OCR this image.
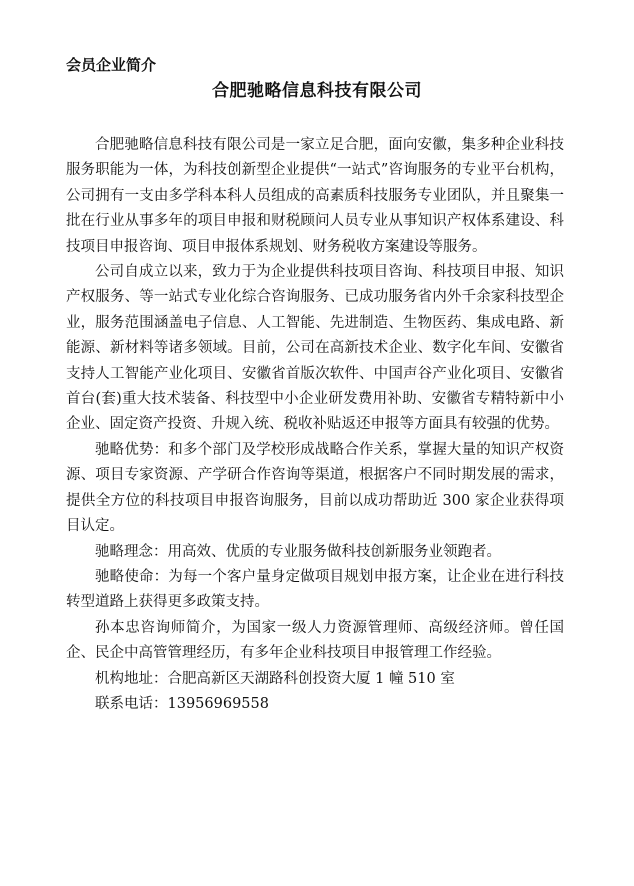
会员企业简介
合肥驰略信息科技有限公司

合肥驰略信息科技有限公司是一家立足合肥，面向安徽，集多种企业科技服务职能为一体，为科技创新型企业提供“一站式”咨询服务的专业平台机构，公司拥有一支由多学科本科人员组成的高素质科技服务专业团队，并且聚集一批在行业从事多年的项目申报和财税顾问人员专业从事知识产权体系建设、科技项目申报咨询、项目申报体系规划、财务税收方案建设等服务。

公司自成立以来，致力于为企业提供科技项目咨询、科技项目申报、知识产权服务、等一站式专业化综合咨询服务、已成功服务省内外千余家科技型企业，服务范围涵盖电子信息、人工智能、先进制造、生物医药、集成电路、新能源、新材料等诸多领域。目前，公司在高新技术企业、数字化车间、安徽省支持人工智能产业化项目、安徽省首版次软件、中国声谷产业化项目、安徽省首台(套)重大技术装备、科技型中小企业研发费用补助、安徽省专精特新中小企业、固定资产投资、升规入统、税收补贴返还申报等方面具有较强的优势。

驰略优势：和多个部门及学校形成战略合作关系，掌握大量的知识产权资源、项目专家资源、产学研合作咨询等渠道，根据客户不同时期发展的需求，提供全方位的科技项目申报咨询服务，目前以成功帮助近 300 家企业获得项目认定。

驰略理念：用高效、优质的专业服务做科技创新服务业领跑者。

驰略使命：为每一个客户量身定做项目规划申报方案，让企业在进行科技转型道路上获得更多政策支持。

孙本忠咨询师简介，为国家一级人力资源管理师、高级经济师。曾任国企、民企中高管管理经历，有多年企业科技项目申报管理工作经验。

机构地址：合肥高新区天湖路科创投资大厦 1 幢 510 室

联系电话：13956969558
